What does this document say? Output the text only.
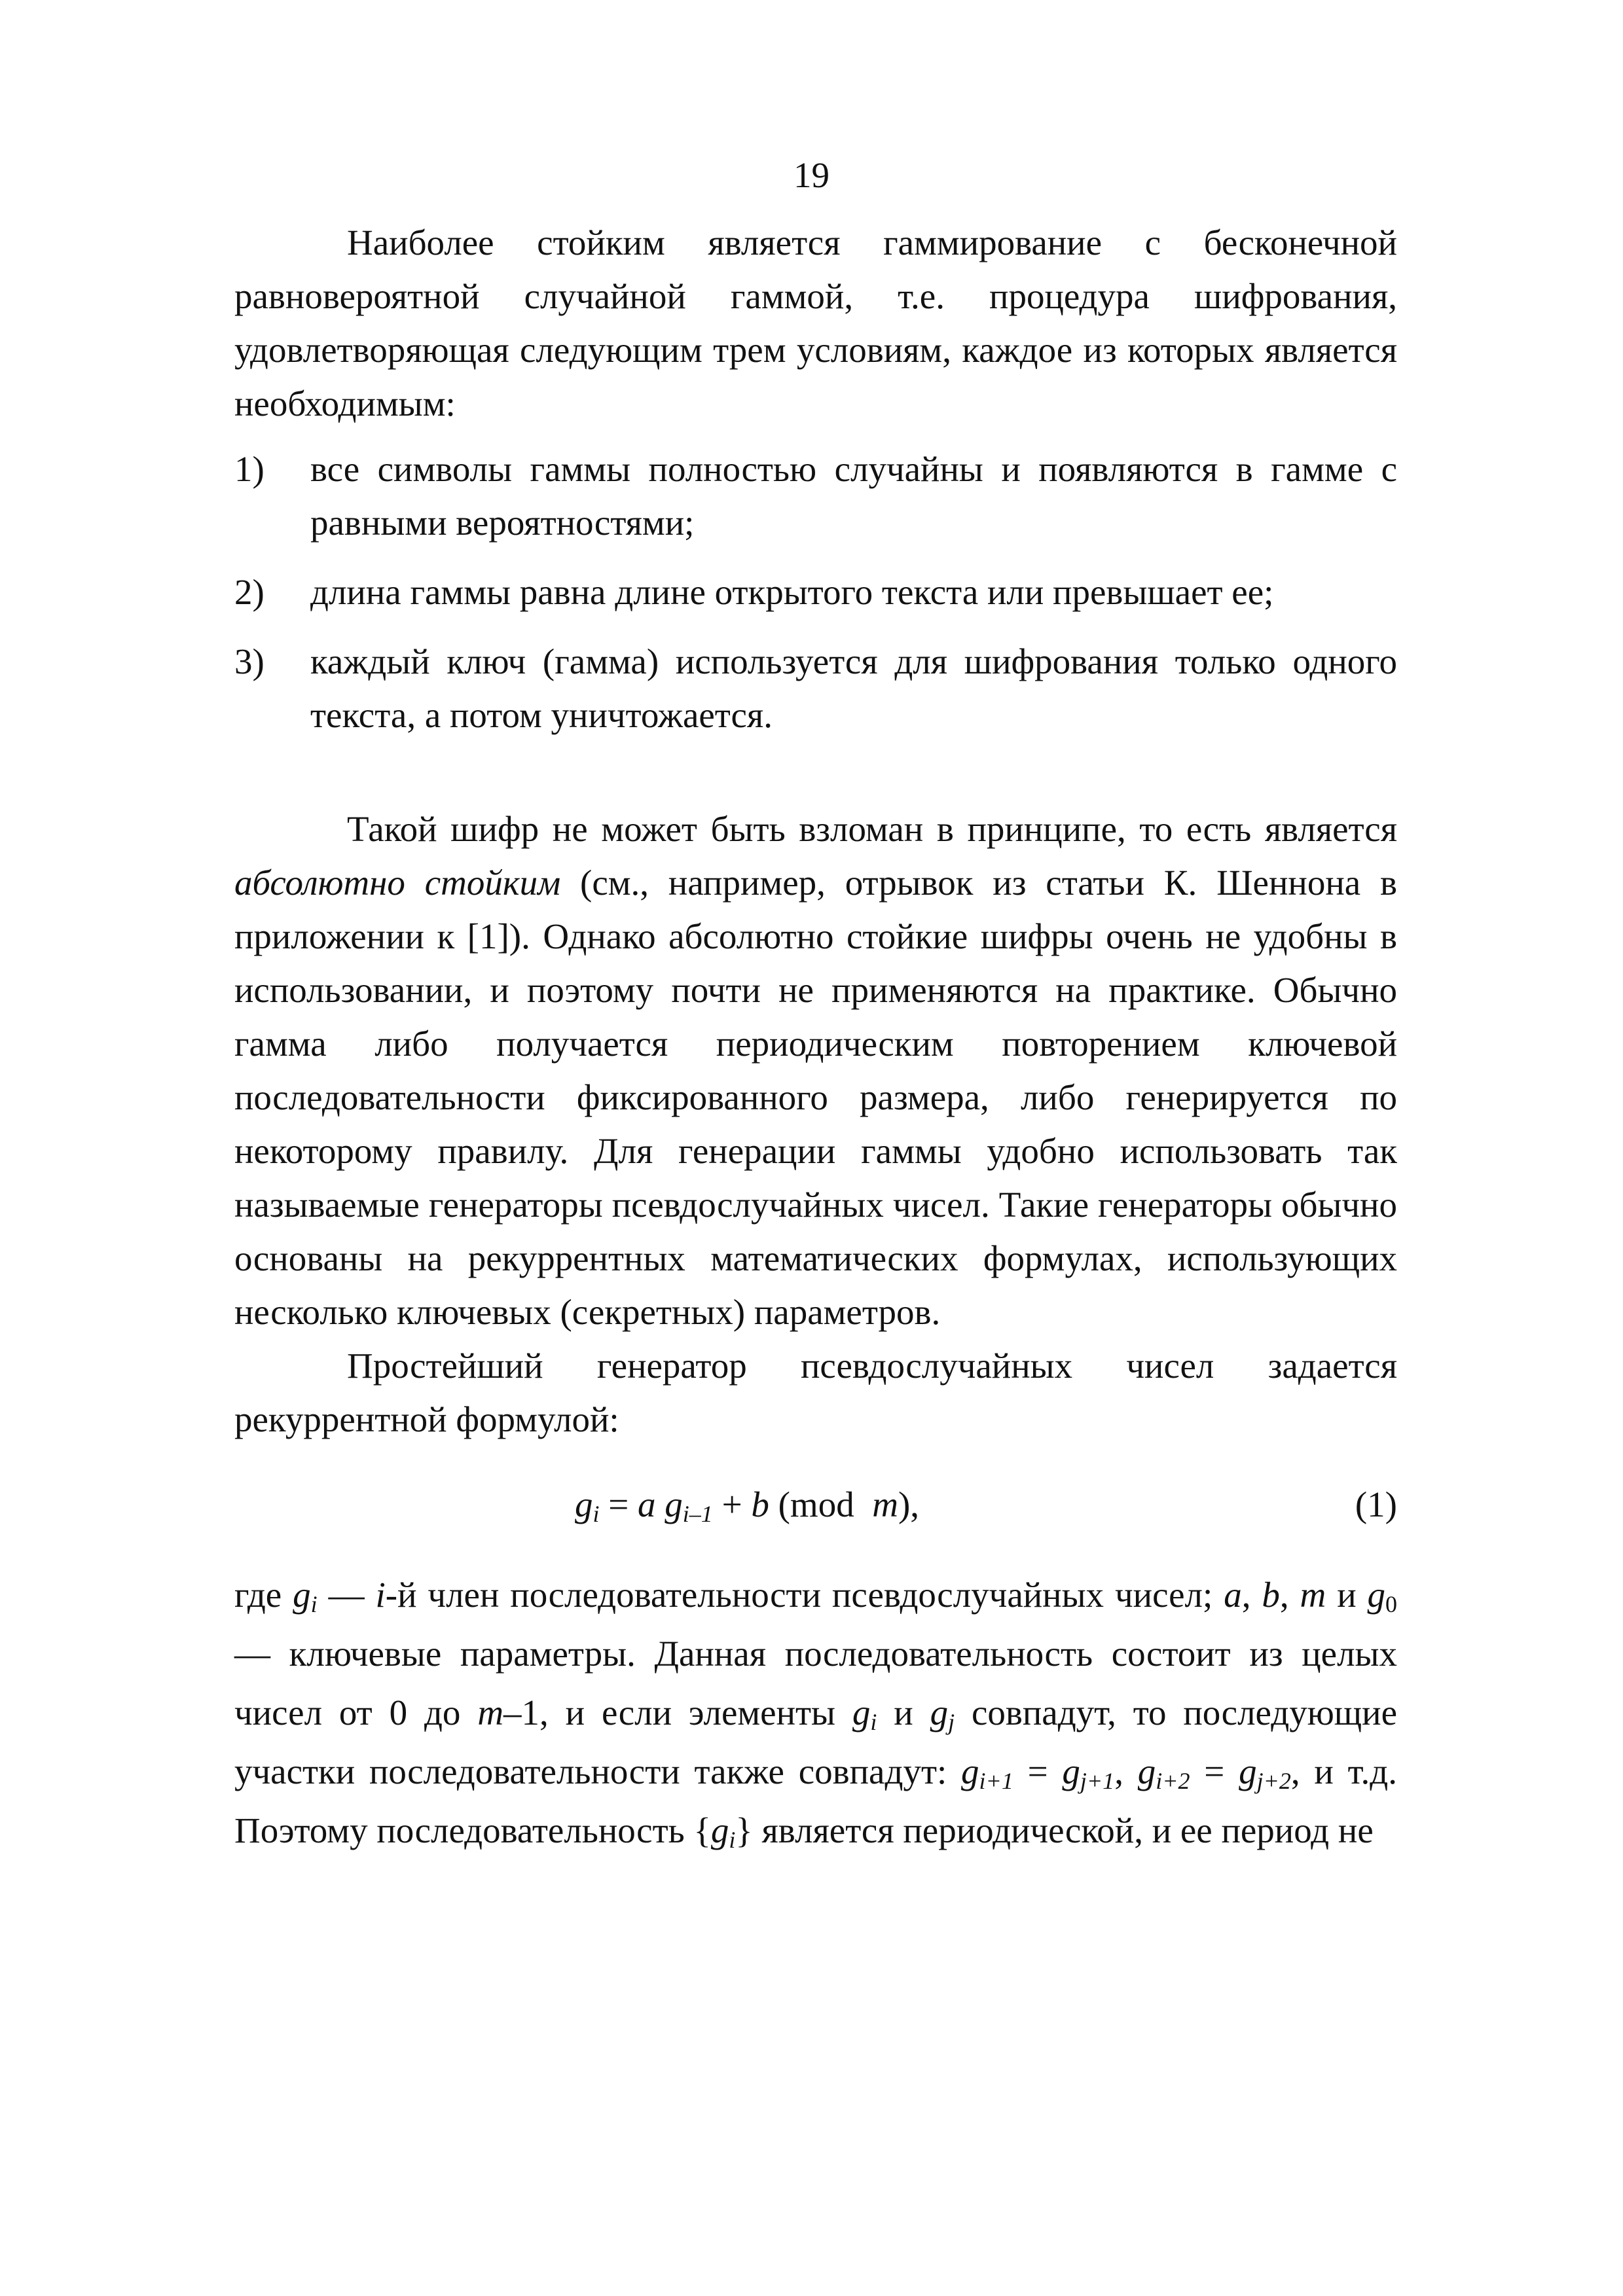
19

Наиболее стойким является гаммирование с бесконечной равновероятной случайной гаммой, т.е. процедура шифрования, удовлетворяющая следующим трем условиям, каждое из которых является необходимым:

1) все символы гаммы полностью случайны и появляются в гамме с равными вероятностями;
2) длина гаммы равна длине открытого текста или превышает ее;
3) каждый ключ (гамма) используется для шифрования только одного текста, а потом уничтожается.

Такой шифр не может быть взломан в принципе, то есть является абсолютно стойким (см., например, отрывок из статьи К. Шеннона в приложении к [1]). Однако абсолютно стойкие шифры очень не удобны в использовании, и поэтому почти не применяются на практике. Обычно гамма либо получается периодическим повторением ключевой последовательности фиксированного размера, либо генерируется по некоторому правилу. Для генерации гаммы удобно использовать так называемые генераторы псевдослучайных чисел. Такие генераторы обычно основаны на рекуррентных математических формулах, использующих несколько ключевых (секретных) параметров.

Простейший генератор псевдослучайных чисел задается рекуррентной формулой:

$g_i = a$ $g_{i-1} + b$ (mod  m),	(1)

где $g_i$ — i-й член последовательности псевдослучайных чисел; a, b, m и $g_0$ — ключевые параметры. Данная последовательность состоит из целых чисел от 0 до m–1, и если элементы $g_i$ и $g_j$ совпадут, то последующие участки последовательности также совпадут: $g_{i+1} = g_{j+1}$, $g_{i+2} = g_{j+2}$, и т.д. Поэтому последовательность $\{g_i\}$ является периодической, и ее период не
